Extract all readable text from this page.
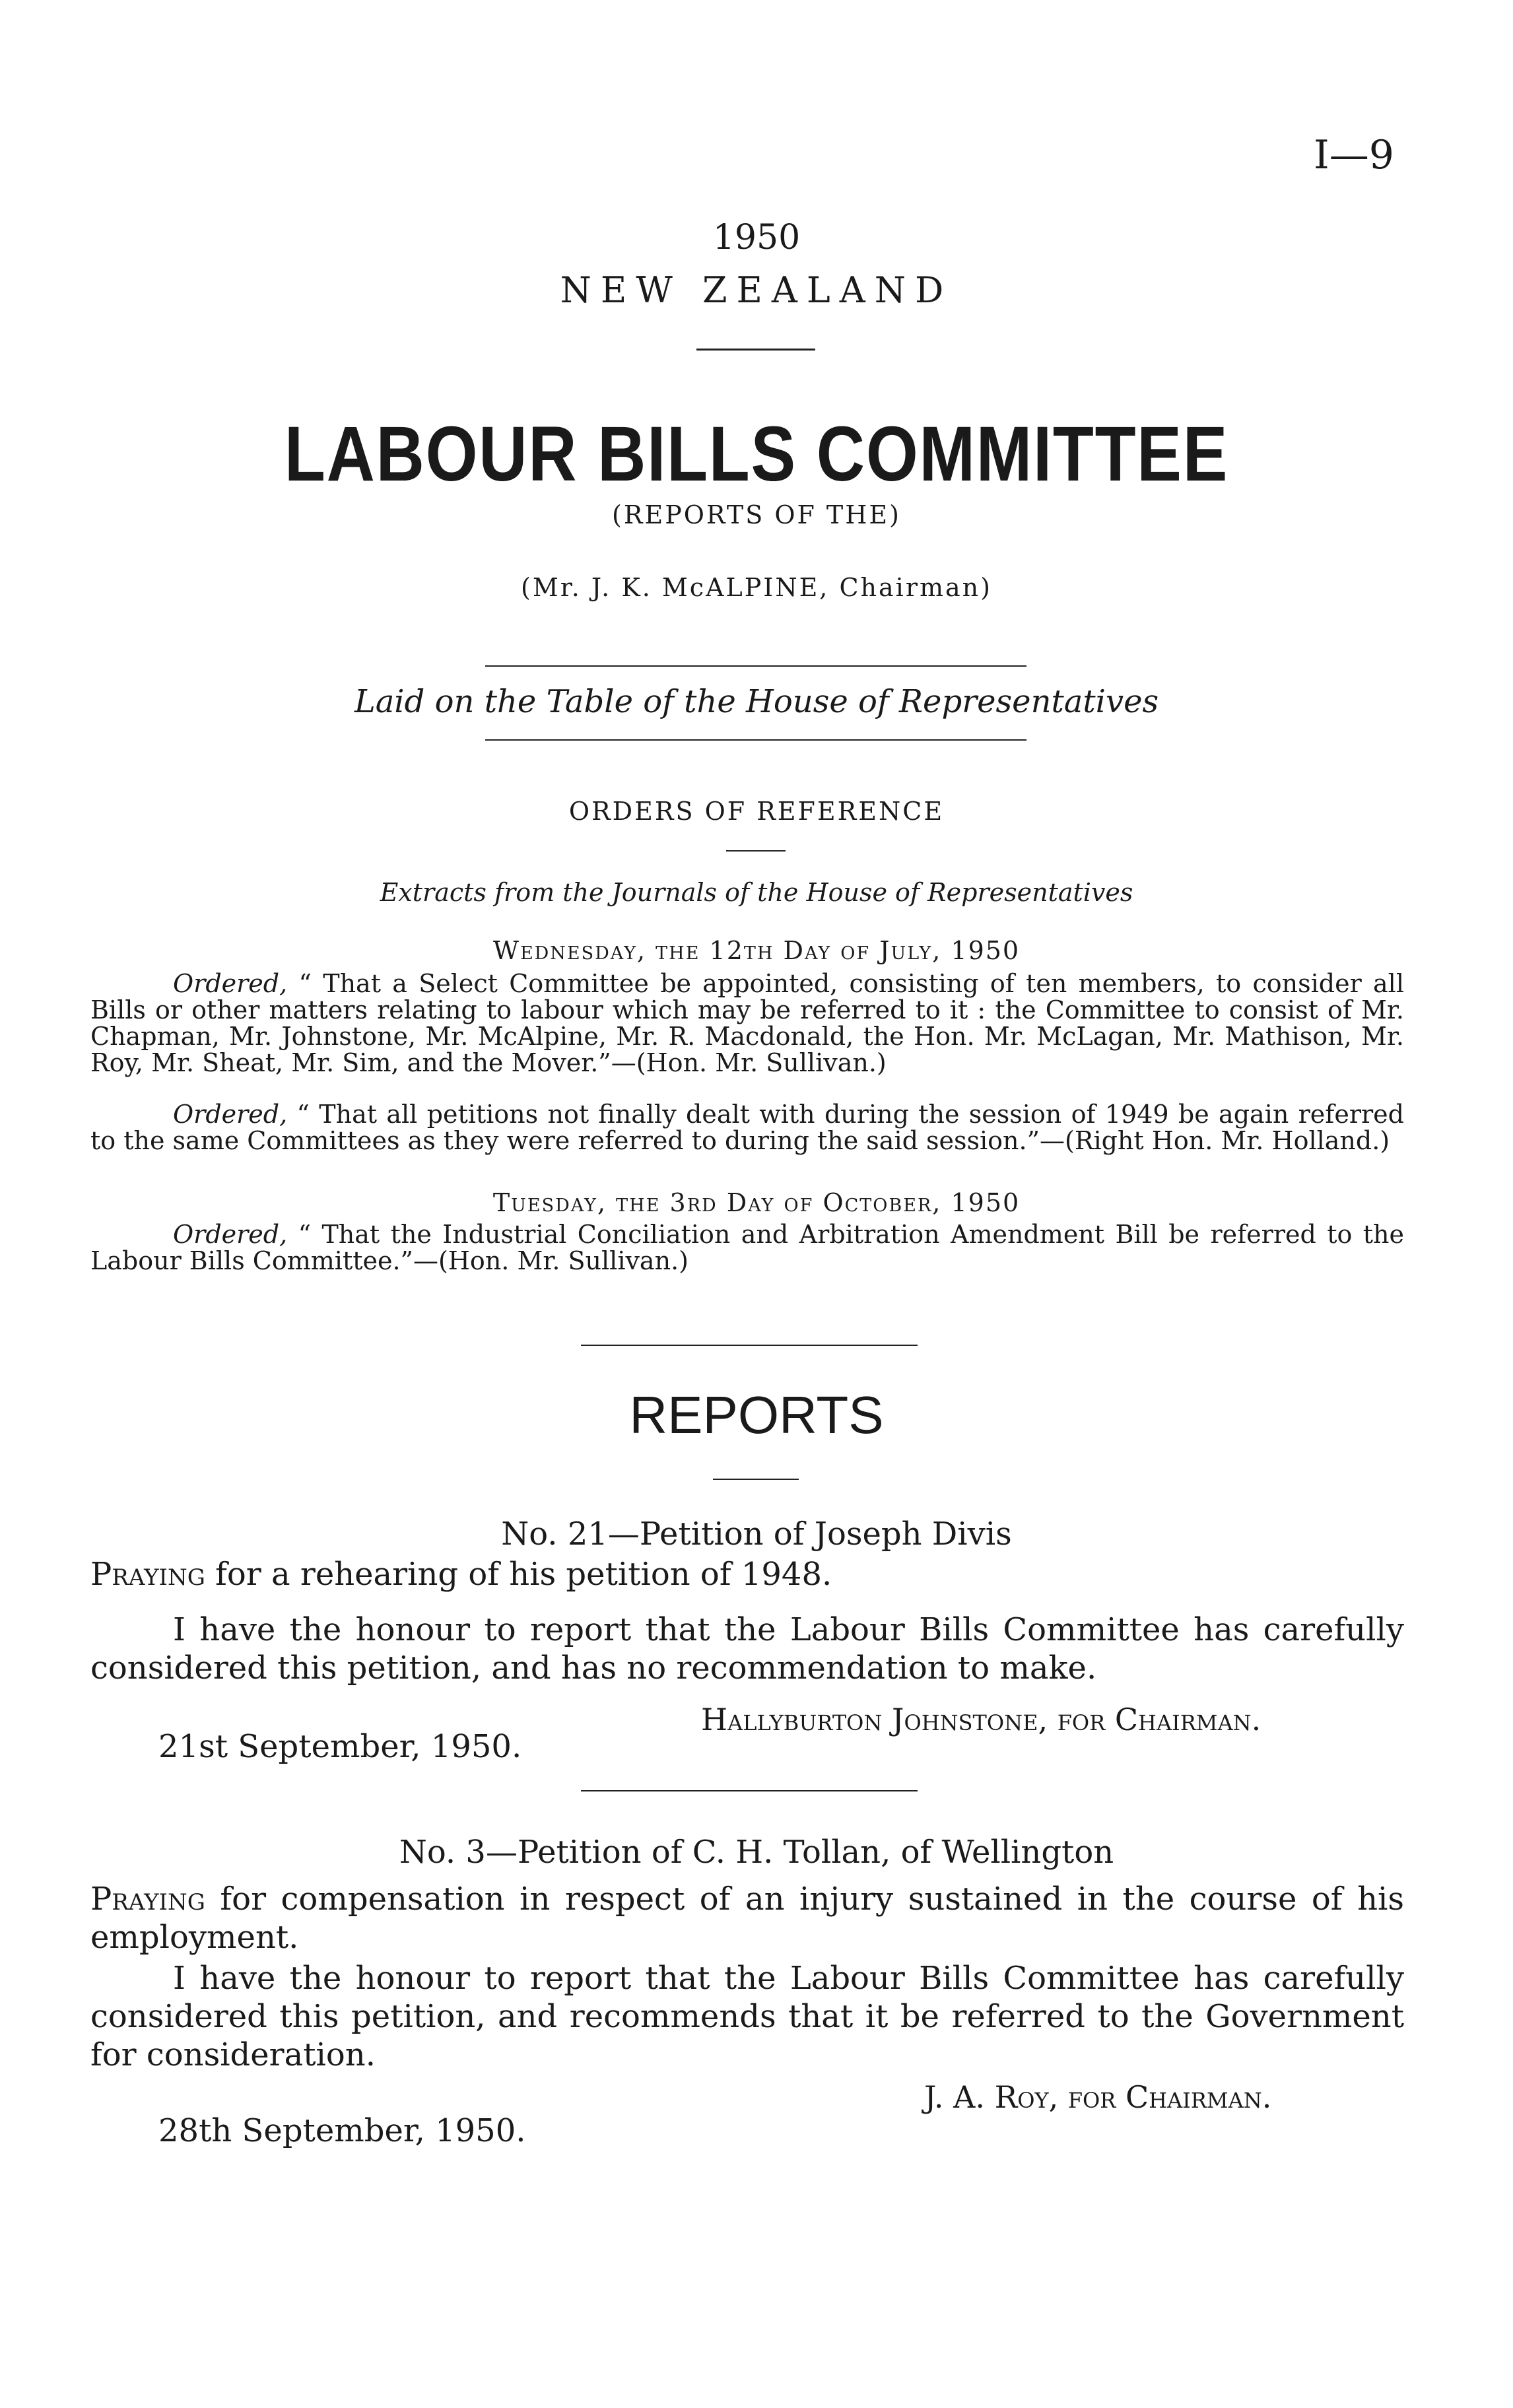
I—9
1950
NEW ZEALAND
LABOUR BILLS COMMITTEE
(REPORTS OF THE)
(Mr. J. K. McALPINE, Chairman)
Laid on the Table of the House of Representatives
ORDERS OF REFERENCE
Extracts from the Journals of the House of Representatives
Wednesday, the 12th Day of July, 1950
Ordered, “ That a Select Committee be appointed, consisting of ten members, to consider all Bills or other matters relating to labour which may be referred to it : the Committee to consist of Mr. Chapman, Mr. Johnstone, Mr. McAlpine, Mr. R. Macdonald, the Hon. Mr. McLagan, Mr. Mathison, Mr. Roy, Mr. Sheat, Mr. Sim, and the Mover.”—(Hon. Mr. Sullivan.)
Ordered, “ That all petitions not finally dealt with during the session of 1949 be again referred to the same Committees as they were referred to during the said session.”—(Right Hon. Mr. Holland.)
Tuesday, the 3rd Day of October, 1950
Ordered, “ That the Industrial Conciliation and Arbitration Amendment Bill be referred to the Labour Bills Committee.”—(Hon. Mr. Sullivan.)
REPORTS
No. 21—Petition of Joseph Divis
Praying for a rehearing of his petition of 1948.
I have the honour to report that the Labour Bills Committee has carefully considered this petition, and has no recommendation to make.
Hallyburton Johnstone, for Chairman.
21st September, 1950.
No. 3—Petition of C. H. Tollan, of Wellington
Praying for compensation in respect of an injury sustained in the course of his employment.
I have the honour to report that the Labour Bills Committee has carefully considered this petition, and recommends that it be referred to the Government for consideration.
J. A. Roy, for Chairman.
28th September, 1950.
